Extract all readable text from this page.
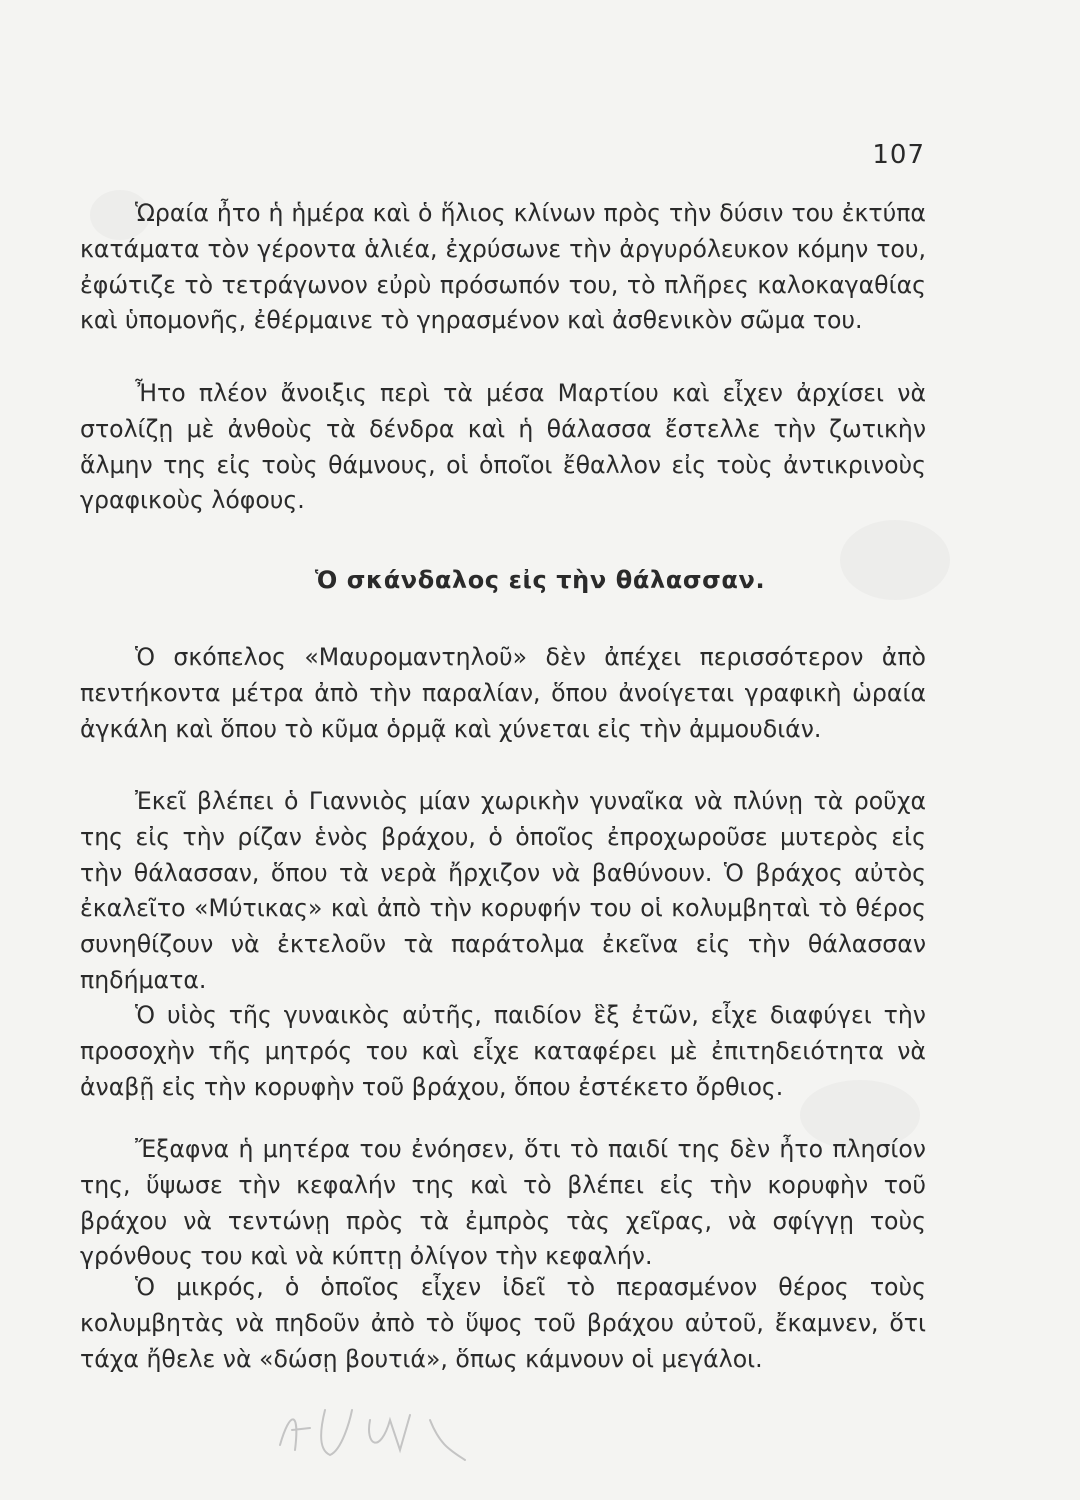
107

Ὡραία ἦτο ἡ ἡμέρα καὶ ὁ ἥλιος κλίνων πρὸς τὴν δύσιν του ἐκτύπα κατάματα τὸν γέροντα ἁλιέα, ἐχρύσωνε τὴν ἀργυρόλευκον κόμην του, ἐφώτιζε τὸ τετράγωνον εὐρὺ πρόσωπόν του, τὸ πλῆρες καλοκαγαθίας καὶ ὑπομονῆς, ἐθέρμαινε τὸ γηρασμένον καὶ ἀσθενικὸν σῶμα του.

Ἦτο πλέον ἄνοιξις περὶ τὰ μέσα Μαρτίου καὶ εἶχεν ἀρχίσει νὰ στολίζῃ μὲ ἀνθοὺς τὰ δένδρα καὶ ἡ θάλασσα ἔστελλε τὴν ζωτικὴν ἅλμην της εἰς τοὺς θάμνους, οἱ ὁποῖοι ἔθαλλον εἰς τοὺς ἀντικρινοὺς γραφικοὺς λόφους.

Ὁ σκάνδαλος εἰς τὴν θάλασσαν.

Ὁ σκόπελος «Μαυρομαντηλοῦ» δὲν ἀπέχει περισσότερον ἀπὸ πεντήκοντα μέτρα ἀπὸ τὴν παραλίαν, ὅπου ἀνοίγεται γραφικὴ ὡραία ἀγκάλη καὶ ὅπου τὸ κῦμα ὁρμᾷ καὶ χύνεται εἰς τὴν ἀμμουδιάν.

Ἐκεῖ βλέπει ὁ Γιαννιὸς μίαν χωρικὴν γυναῖκα νὰ πλύνῃ τὰ ροῦχα της εἰς τὴν ρίζαν ἑνὸς βράχου, ὁ ὁποῖος ἐπροχωροῦσε μυτερὸς εἰς τὴν θάλασσαν, ὅπου τὰ νερὰ ἤρχιζον νὰ βαθύνουν. Ὁ βράχος αὐτὸς ἐκαλεῖτο «Μύτικας» καὶ ἀπὸ τὴν κορυφήν του οἱ κολυμβηταὶ τὸ θέρος συνηθίζουν νὰ ἐκτελοῦν τὰ παράτολμα ἐκεῖνα εἰς τὴν θάλασσαν πηδήματα.

Ὁ υἱὸς τῆς γυναικὸς αὐτῆς, παιδίον ἓξ ἐτῶν, εἶχε διαφύγει τὴν προσοχὴν τῆς μητρός του καὶ εἶχε καταφέρει μὲ ἐπιτηδειότητα νὰ ἀναβῇ εἰς τὴν κορυφὴν τοῦ βράχου, ὅπου ἐστέκετο ὄρθιος.

Ἔξαφνα ἡ μητέρα του ἐνόησεν, ὅτι τὸ παιδί της δὲν ἦτο πλησίον της, ὕψωσε τὴν κεφαλήν της καὶ τὸ βλέπει εἰς τὴν κορυφὴν τοῦ βράχου νὰ τεντώνῃ πρὸς τὰ ἐμπρὸς τὰς χεῖρας, νὰ σφίγγῃ τοὺς γρόνθους του καὶ νὰ κύπτῃ ὀλίγον τὴν κεφαλήν.

Ὁ μικρός, ὁ ὁποῖος εἶχεν ἰδεῖ τὸ περασμένον θέρος τοὺς κολυμβητὰς νὰ πηδοῦν ἀπὸ τὸ ὕψος τοῦ βράχου αὐτοῦ, ἔκαμνεν, ὅτι τάχα ἤθελε νὰ «δώσῃ βουτιά», ὅπως κάμνουν οἱ μεγάλοι.
